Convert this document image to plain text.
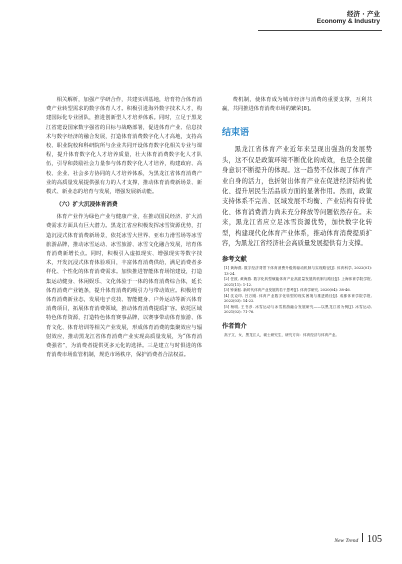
经济 · 产业
Economy & Industry

相关解析，加强产学研合作，共建实训基地，培育符合体育消费产业转型需求的数字体育人才。积极引进海外数字技术人才，构建国际化专业团队，推进创新型人才培养体系。同时，立足于黑龙江省建设国家数字强省的目标与战略部署，促进体育产业、信息技术与数字经济的融合发展，打造体育消费数字化人才高地，支持高校、职业院校和科研院所与企业共同开设体育数字化相关专业与课程，提升体育数字化人才培养质量，壮大体育消费数字化人才队伍，引导和鼓励社会力量参与体育数字化人才培养，构建政府、高校、企业、社会多方协同的人才培养体系，为黑龙江省体育消费产业的高质量发展提供强有力的人才支撑，推动体育消费新场景、新模式、新业态的培育与发展，增强发展新动能。

（六）扩大沉浸体育消费

体育产业作为绿色产业与健康产业，在推动国民经济、扩大消费需求方面具有巨大潜力。黑龙江省应积极发挥冰雪资源优势，打造沉浸式体育消费新场景，依托冰雪大世界、亚布力滑雪场等冰雪旅游品牌，推动冰雪运动、冰雪旅游、冰雪文化融合发展，培育体育消费新增长点。同时，积极引入虚拟现实、增强现实等数字技术，开发沉浸式体育体验项目，丰富体育消费供给，满足消费者多样化、个性化的体育消费需求。加快推进智能体育场馆建设，打造集运动健身、休闲娱乐、文化体验于一体的体育消费综合体，延长体育消费产业链条，提升体育消费的吸引力与带动效应。积极培育体育消费新业态，发展电子竞技、智能健身、户外运动等新兴体育消费项目，拓展体育消费领域，推动体育消费提质扩容。依托区域特色体育资源，打造特色体育赛事品牌，以赛事带动体育旅游、体育文化、体育培训等相关产业发展，形成体育消费的集聚效应与辐射效应，推动黑龙江省体育消费产业实现高质量发展，为“体育消费强省”，为消费者提供更多元化的选择。三是建立与时俱进的体育消费市场监管机制，规范市场秩序，保护消费者合法权益。

费机制，使体育成为城市经济与消费的重要支撑，互利共赢，共同推进体育消费市场的繁荣[8]。

结束语

黑龙江省体育产业近年来呈现出强劲的发展势头，这不仅是政策环境不断优化的成效，也是全民健身意识不断提升的体现。这一趋势不仅体现了体育产业自身的活力，也折射出体育产业在促进经济结构优化、提升居民生活品质方面的显著作用。然而，政策支持体系不完善、区域发展不均衡、产业结构有待优化、体育消费潜力尚未充分释放等问题依然存在。未来，黑龙江省应立足冰雪资源优势，加快数字化转型，构建现代化体育产业体系，推动体育消费提质扩容，为黑龙江省经济社会高质量发展提供有力支撑。

参考文献

[1] 黄海燕. 数字经济背景下体育消费升级的驱动机制与实现路径[J]. 体育科学, 2022(01): 13-24.

[2] 任波, 黄海燕. 数字化转型赋能体育产业高质量发展的机制与路径[J]. 上海体育学院学报, 2021(11): 1-12.

[3] 钟秉枢. 新时代体育产业发展的若干思考[J]. 体育学研究, 2020(04): 38-46.

[4] 沈克印, 吕万刚. 体育产业数字化转型的现实困境与推进路径[J]. 成都体育学院学报, 2022(03): 14-22.

[5] 杨明, 王书彦. 冰雪运动与冰雪旅游融合发展研究——以黑龙江省为例[J]. 冰雪运动, 2021(02): 71-76.

作者简介

高子文，女，黑龙江人，硕士研究生，研究方向：体育经济与体育产业。

New Trend 105
